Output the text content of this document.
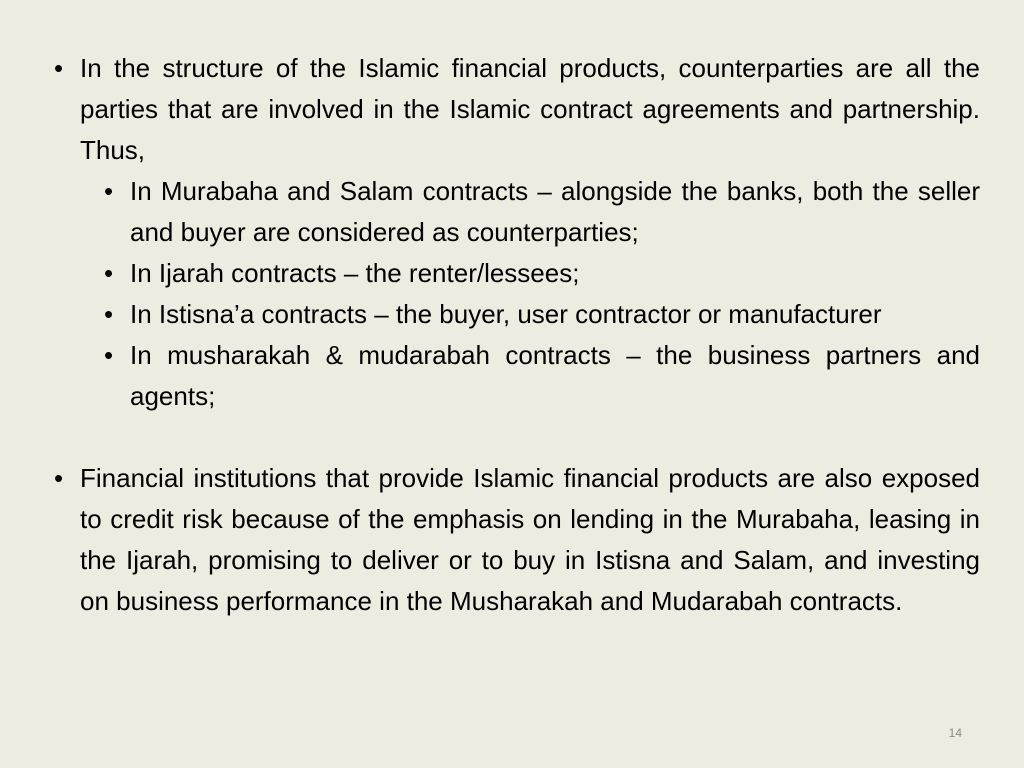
• In the structure of the Islamic financial products, counterparties are all the parties that are involved in the Islamic contract agreements and partnership. Thus,
• In Murabaha and Salam contracts – alongside the banks, both the seller and buyer are considered as counterparties;
• In Ijarah contracts – the renter/lessees;
• In Istisna’a contracts – the buyer, user contractor or manufacturer
• In musharakah & mudarabah contracts – the business partners and agents;
• Financial institutions that provide Islamic financial products are also exposed to credit risk because of the emphasis on lending in the Murabaha, leasing in the Ijarah, promising to deliver or to buy in Istisna and Salam, and investing on business performance in the Musharakah and Mudarabah contracts.
14
